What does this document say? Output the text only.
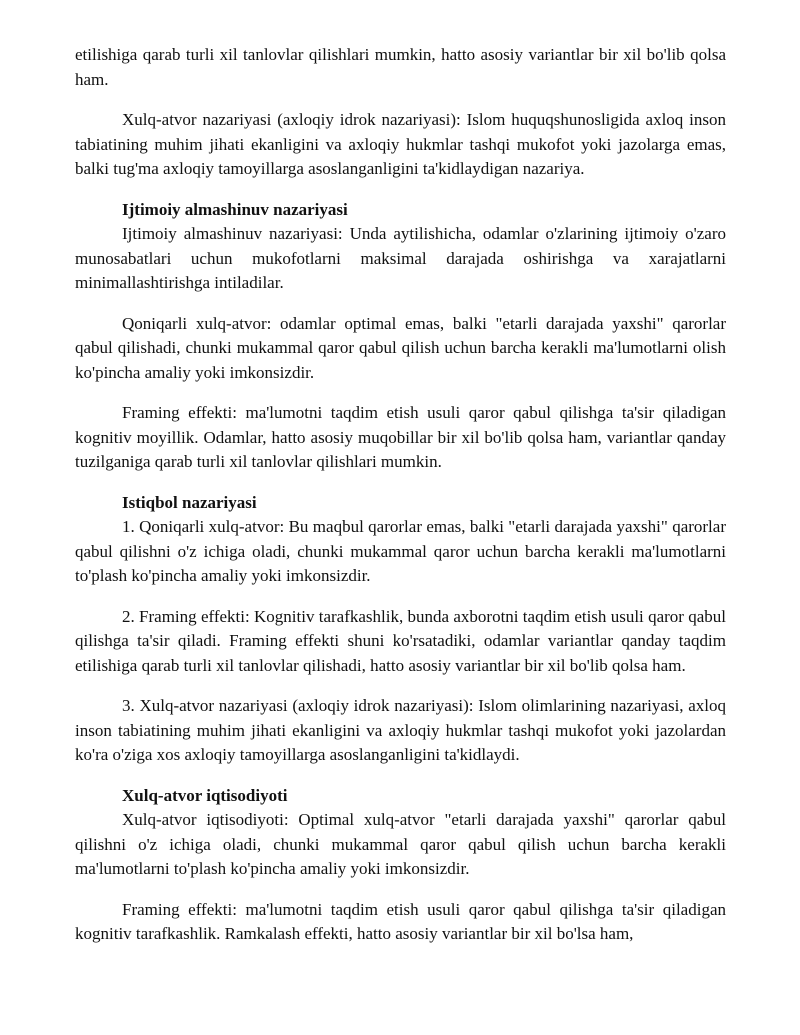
etilishiga qarab turli xil tanlovlar qilishlari mumkin, hatto asosiy variantlar bir xil bo'lib qolsa ham.

Xulq-atvor nazariyasi (axloqiy idrok nazariyasi): Islom huquqshunosligida axloq inson tabiatining muhim jihati ekanligini va axloqiy hukmlar tashqi mukofot yoki jazolarga emas, balki tug'ma axloqiy tamoyillarga asoslanganligini ta'kidlaydigan nazariya.

Ijtimoiy almashinuv nazariyasi

Ijtimoiy almashinuv nazariyasi: Unda aytilishicha, odamlar o'zlarining ijtimoiy o'zaro munosabatlari uchun mukofotlarni maksimal darajada oshirishga va xarajatlarni minimallashtirishga intiladilar.

Qoniqarli xulq-atvor: odamlar optimal emas, balki "etarli darajada yaxshi" qarorlar qabul qilishadi, chunki mukammal qaror qabul qilish uchun barcha kerakli ma'lumotlarni olish ko'pincha amaliy yoki imkonsizdir.

Framing effekti: ma'lumotni taqdim etish usuli qaror qabul qilishga ta'sir qiladigan kognitiv moyillik. Odamlar, hatto asosiy muqobillar bir xil bo'lib qolsa ham, variantlar qanday tuzilganiga qarab turli xil tanlovlar qilishlari mumkin.

Istiqbol nazariyasi

1. Qoniqarli xulq-atvor: Bu maqbul qarorlar emas, balki "etarli darajada yaxshi" qarorlar qabul qilishni o'z ichiga oladi, chunki mukammal qaror uchun barcha kerakli ma'lumotlarni to'plash ko'pincha amaliy yoki imkonsizdir.

2. Framing effekti: Kognitiv tarafkashlik, bunda axborotni taqdim etish usuli qaror qabul qilishga ta'sir qiladi. Framing effekti shuni ko'rsatadiki, odamlar variantlar qanday taqdim etilishiga qarab turli xil tanlovlar qilishadi, hatto asosiy variantlar bir xil bo'lib qolsa ham.

3. Xulq-atvor nazariyasi (axloqiy idrok nazariyasi): Islom olimlarining nazariyasi, axloq inson tabiatining muhim jihati ekanligini va axloqiy hukmlar tashqi mukofot yoki jazolardan ko'ra o'ziga xos axloqiy tamoyillarga asoslanganligini ta'kidlaydi.

Xulq-atvor iqtisodiyoti

Xulq-atvor iqtisodiyoti: Optimal xulq-atvor "etarli darajada yaxshi" qarorlar qabul qilishni o'z ichiga oladi, chunki mukammal qaror qabul qilish uchun barcha kerakli ma'lumotlarni to'plash ko'pincha amaliy yoki imkonsizdir.

Framing effekti: ma'lumotni taqdim etish usuli qaror qabul qilishga ta'sir qiladigan kognitiv tarafkashlik. Ramkalash effekti, hatto asosiy variantlar bir xil bo'lsa ham,
